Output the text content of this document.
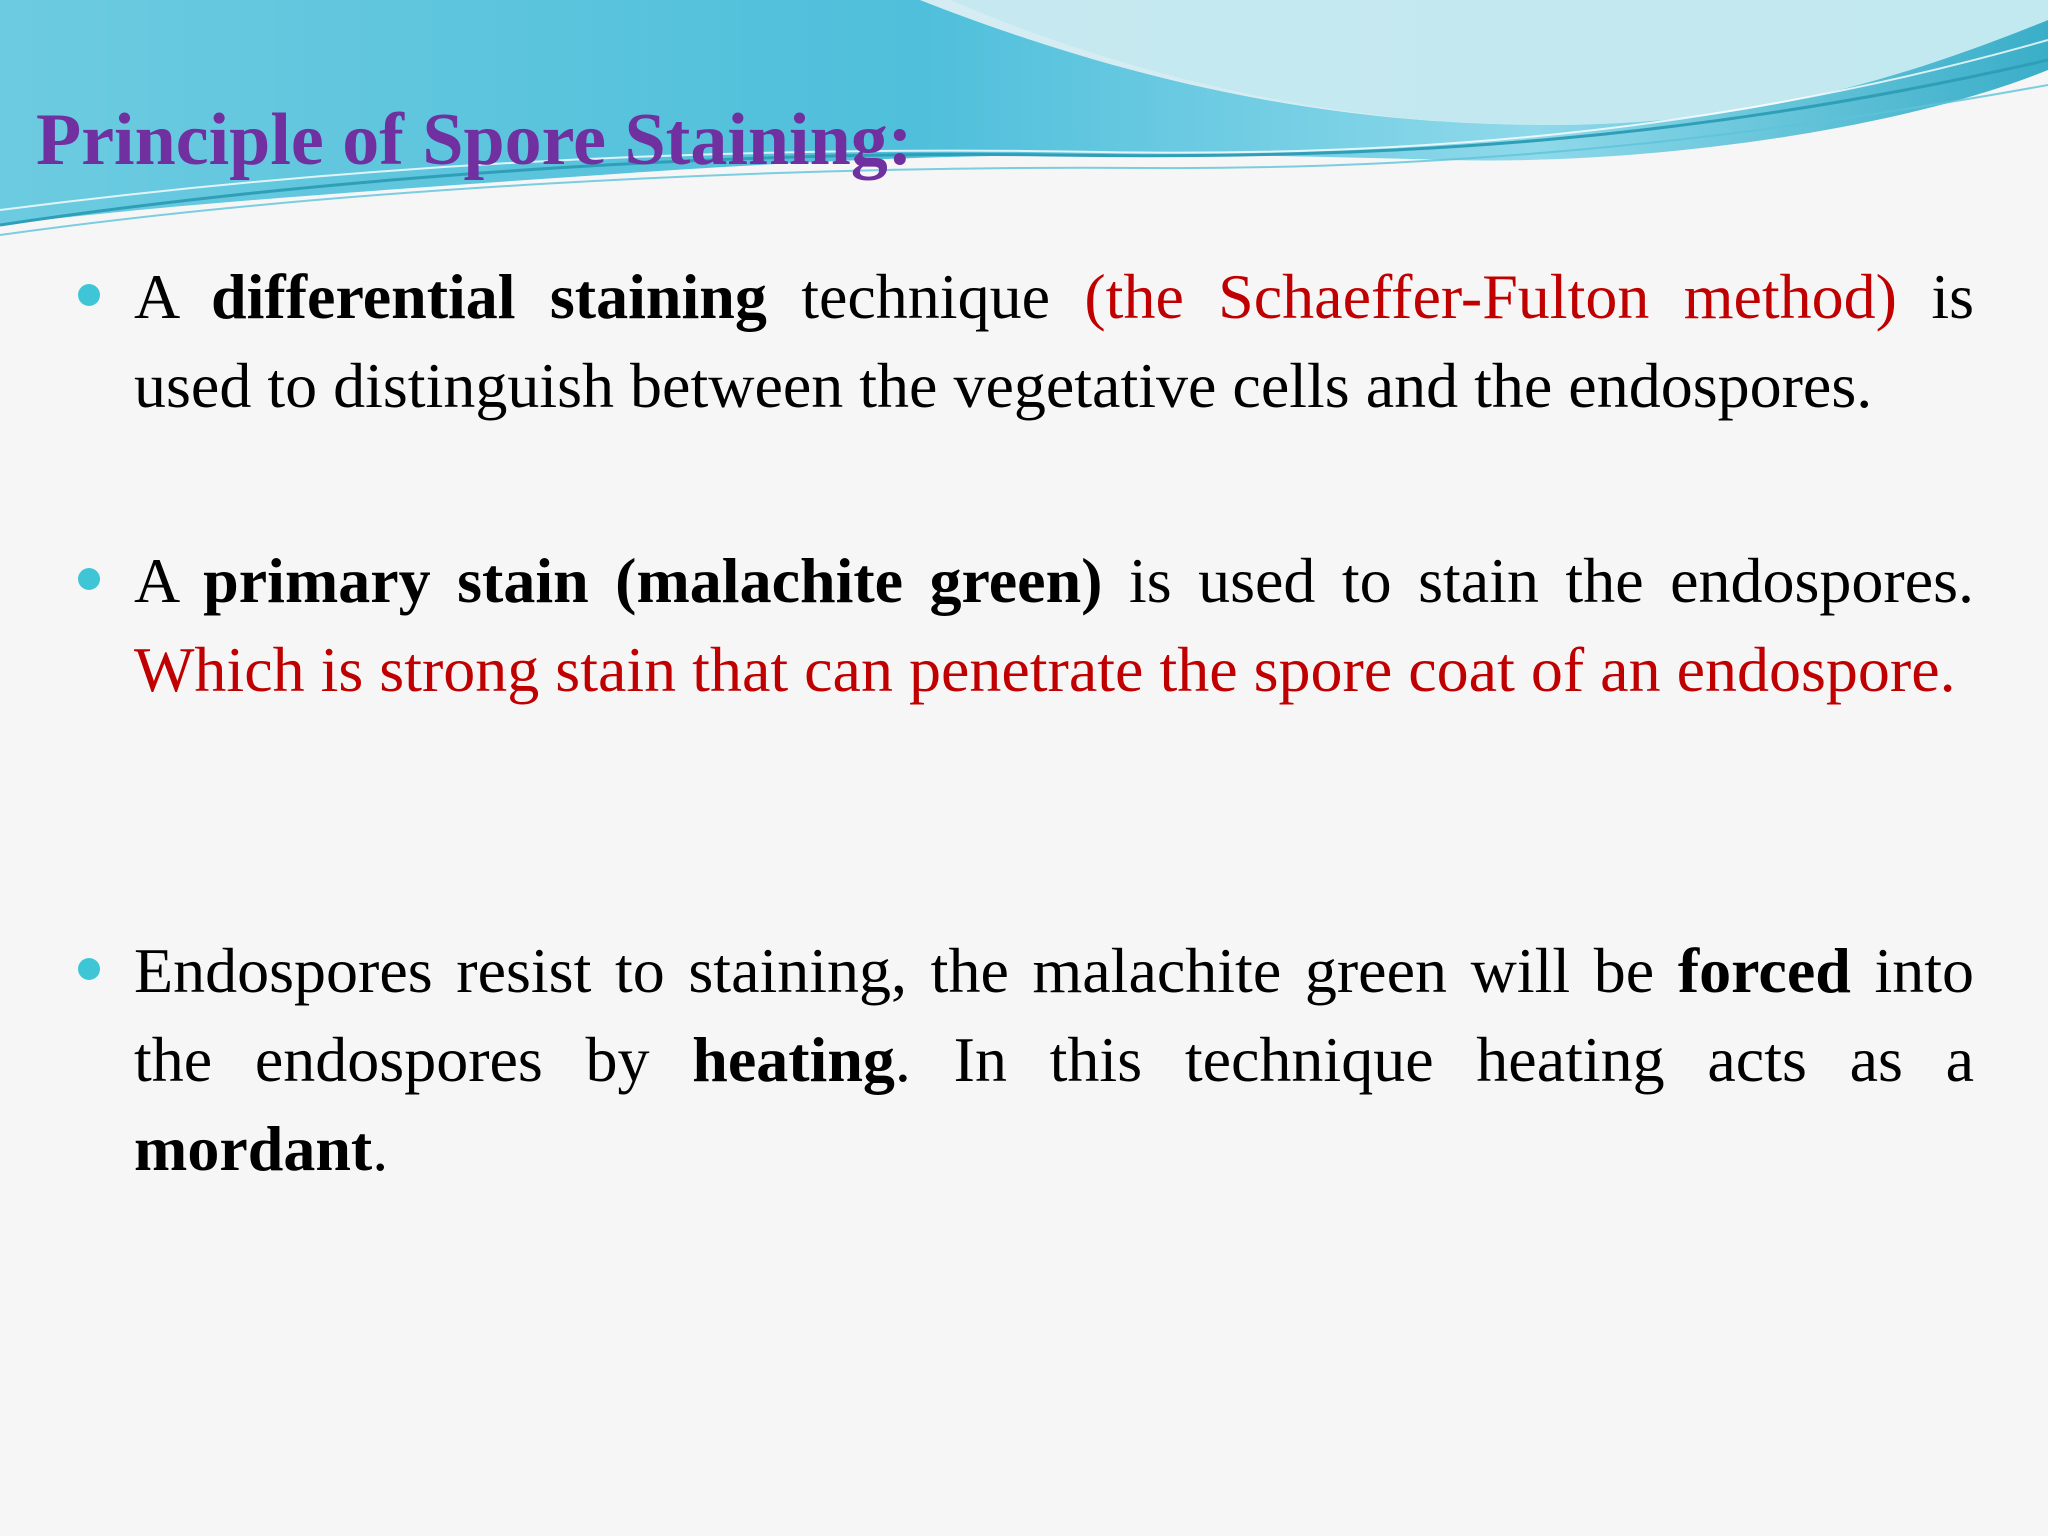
Principle of Spore Staining:
A differential staining technique (the Schaeffer-Fulton method) is used to distinguish between the vegetative cells and the endospores.
A primary stain (malachite green) is used to stain the endospores. Which is strong stain that can penetrate the spore coat of an endospore.
Endospores resist to staining, the malachite green will be forced into the endospores by heating. In this technique heating acts as a mordant.
